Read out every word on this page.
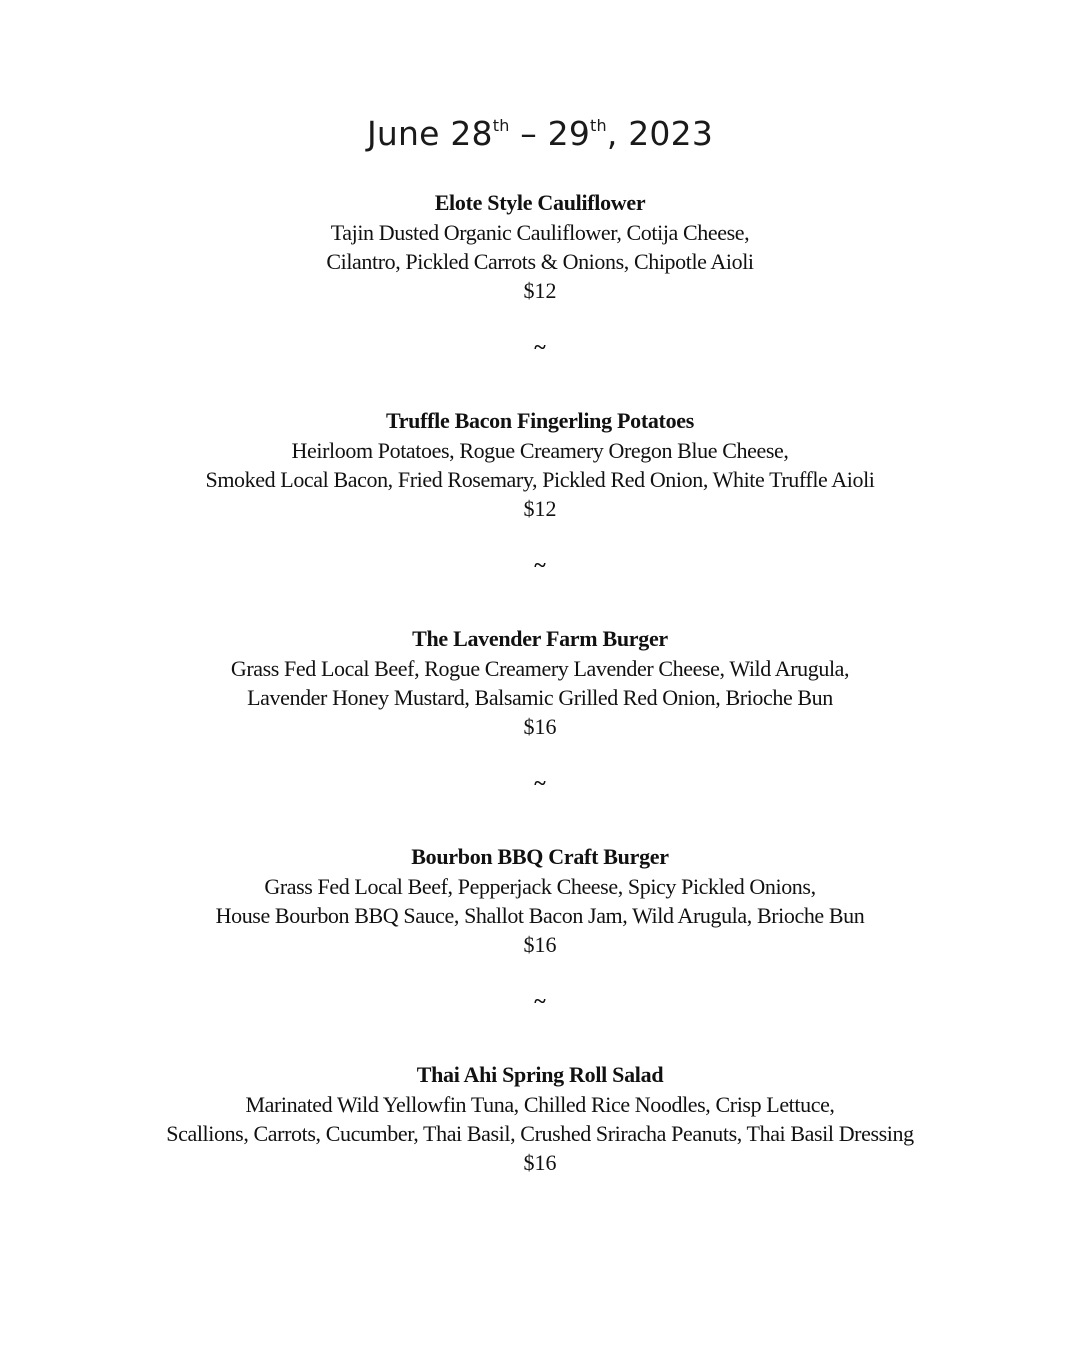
June 28th – 29th, 2023
Elote Style Cauliflower
Tajin Dusted Organic Cauliflower, Cotija Cheese,
Cilantro, Pickled Carrots & Onions, Chipotle Aioli
$12
~
Truffle Bacon Fingerling Potatoes
Heirloom Potatoes, Rogue Creamery Oregon Blue Cheese,
Smoked Local Bacon, Fried Rosemary, Pickled Red Onion, White Truffle Aioli
$12
~
The Lavender Farm Burger
Grass Fed Local Beef, Rogue Creamery Lavender Cheese, Wild Arugula,
Lavender Honey Mustard, Balsamic Grilled Red Onion, Brioche Bun
$16
~
Bourbon BBQ Craft Burger
Grass Fed Local Beef, Pepperjack Cheese, Spicy Pickled Onions,
House Bourbon BBQ Sauce, Shallot Bacon Jam, Wild Arugula, Brioche Bun
$16
~
Thai Ahi Spring Roll Salad
Marinated Wild Yellowfin Tuna, Chilled Rice Noodles, Crisp Lettuce,
Scallions, Carrots, Cucumber, Thai Basil, Crushed Sriracha Peanuts, Thai Basil Dressing
$16
